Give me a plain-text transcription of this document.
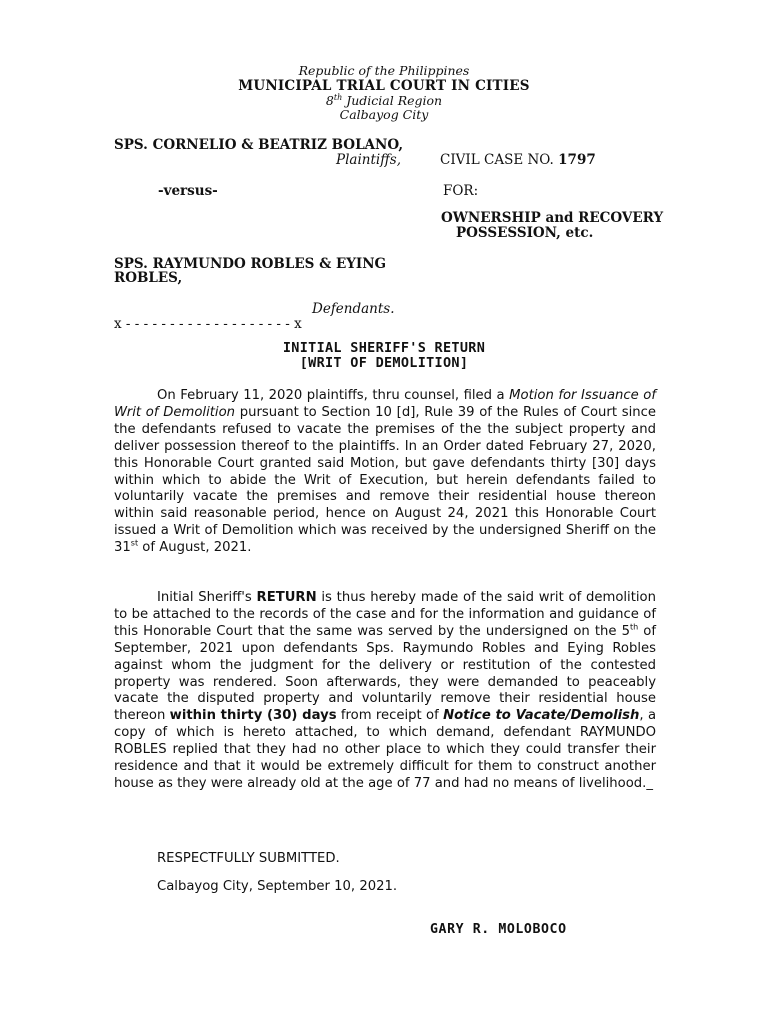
Republic of the Philippines
MUNICIPAL TRIAL COURT IN CITIES
8th Judicial Region
Calbayog City
SPS. CORNELIO & BEATRIZ BOLANO,
Plaintiffs,	CIVIL CASE NO. 1797
-versus-	FOR:
OWNERSHIP and RECOVERY
POSSESSION, etc.
SPS. RAYMUNDO ROBLES & EYING
ROBLES,
Defendants.
x - - - - - - - - - - - - - - - - - - - x
INITIAL SHERIFF'S RETURN
[WRIT OF DEMOLITION]
On February 11, 2020 plaintiffs, thru counsel, filed a Motion for Issuance of Writ of Demolition pursuant to Section 10 [d], Rule 39 of the Rules of Court since the defendants refused to vacate the premises of the the subject property and deliver possession thereof to the plaintiffs. In an Order dated February 27, 2020, this Honorable Court granted said Motion, but gave defendants thirty [30] days within which to abide the Writ of Execution, but herein defendants failed to voluntarily vacate the premises and remove their residential house thereon within said reasonable period, hence on August 24, 2021 this Honorable Court issued a Writ of Demolition which was received by the undersigned Sheriff on the 31st of August, 2021.
Initial Sheriff's RETURN is thus hereby made of the said writ of demolition to be attached to the records of the case and for the information and guidance of this Honorable Court that the same was served by the undersigned on the 5th of September, 2021 upon defendants Sps. Raymundo Robles and Eying Robles against whom the judgment for the delivery or restitution of the contested property was rendered. Soon afterwards, they were demanded to peaceably vacate the disputed property and voluntarily remove their residential house thereon within thirty (30) days from receipt of Notice to Vacate/Demolish, a copy of which is hereto attached, to which demand, defendant RAYMUNDO ROBLES replied that they had no other place to which they could transfer their residence and that it would be extremely difficult for them to construct another house as they were already old at the age of 77 and had no means of livelihood._
RESPECTFULLY SUBMITTED.
Calbayog City, September 10, 2021.
GARY R. MOLOBOCO
